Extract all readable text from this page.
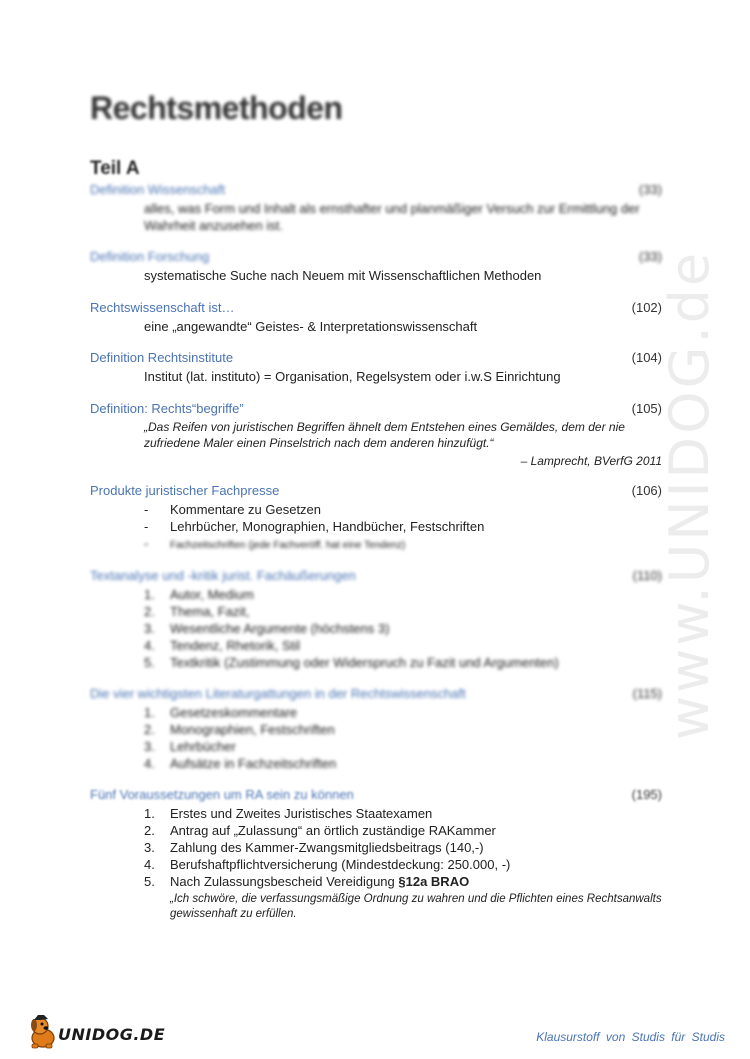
www.UNIDOG.de
Rechtsmethoden
Teil A
Definition Wissenschaft	(33)
alles, was Form und Inhalt als ernsthafter und planmäßiger Versuch zur Ermittlung der Wahrheit anzusehen ist.
Definition Forschung	(33)
systematische Suche nach Neuem mit Wissenschaftlichen Methoden
Rechtswissenschaft ist…	(102)
eine „angewandte“ Geistes- & Interpretationswissenschaft
Definition Rechtsinstitute	(104)
Institut (lat. instituto) = Organisation, Regelsystem oder i.w.S Einrichtung
Definition: Rechts“begriffe”	(105)
„Das Reifen von juristischen Begriffen ähnelt dem Entstehen eines Gemäldes, dem der nie zufriedene Maler einen Pinselstrich nach dem anderen hinzufügt.“
– Lamprecht, BVerfG 2011
Produkte juristischer Fachpresse	(106)
- Kommentare zu Gesetzen
- Lehrbücher, Monographien, Handbücher, Festschriften
- Fachzeitschriften (jede Fachveröff. hat eine Tendenz)
Textanalyse und -kritik jurist. Fachäußerungen	(110)
1. Autor, Medium
2. Thema, Fazit,
3. Wesentliche Argumente (höchstens 3)
4. Tendenz, Rhetorik, Stil
5. Textkritik (Zustimmung oder Widerspruch zu Fazit und Argumenten)
Die vier wichtigsten Literaturgattungen in der Rechtswissenschaft	(115)
1. Gesetzeskommentare
2. Monographien, Festschriften
3. Lehrbücher
4. Aufsätze in Fachzeitschriften
Fünf Voraussetzungen um RA sein zu können	(195)
1. Erstes und Zweites Juristisches Staatexamen
2. Antrag auf „Zulassung“ an örtlich zuständige RAKammer
3. Zahlung des Kammer-Zwangsmitgliedsbeitrags (140,-)
4. Berufshaftpflichtversicherung (Mindestdeckung: 250.000, -)
5. Nach Zulassungsbescheid Vereidigung §12a BRAO
„Ich schwöre, die verfassungsmäßige Ordnung zu wahren und die Pflichten eines Rechtsanwalts gewissenhaft zu erfüllen.
UNIDOG.DE	Klausurstoff von Studis für Studis
